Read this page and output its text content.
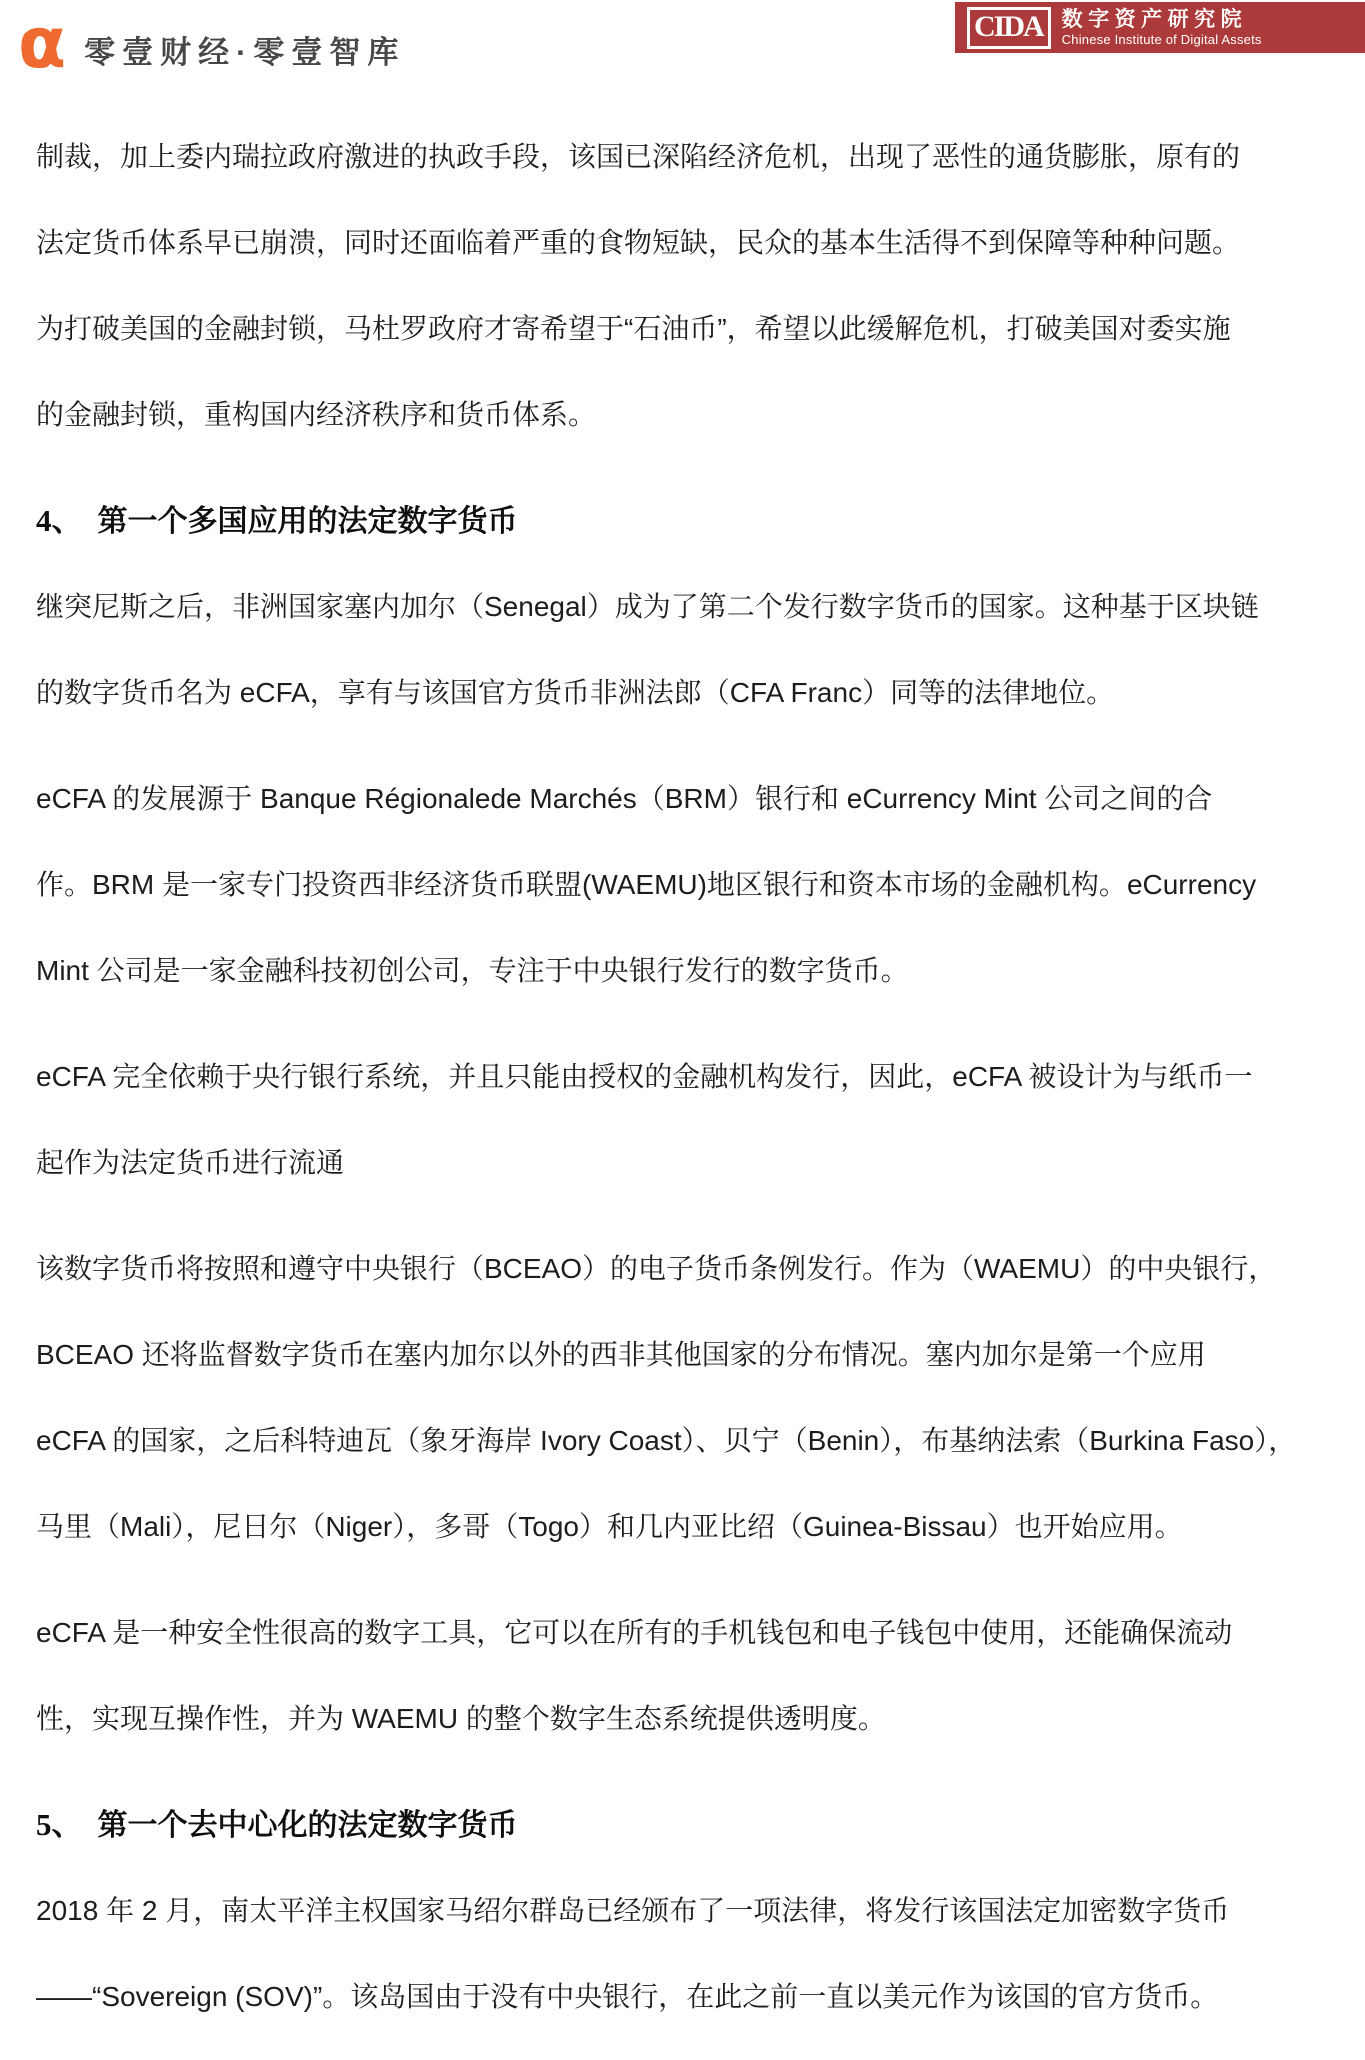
α 零壹财经·零壹智库
CIDA 数字资产研究院
Chinese Institute of Digital Assets

制裁，加上委内瑞拉政府激进的执政手段，该国已深陷经济危机，出现了恶性的通货膨胀，原有的
法定货币体系早已崩溃，同时还面临着严重的食物短缺，民众的基本生活得不到保障等种种问题。
为打破美国的金融封锁，马杜罗政府才寄希望于“石油币”，希望以此缓解危机，打破美国对委实施
的金融封锁，重构国内经济秩序和货币体系。

4、 第一个多国应用的法定数字货币

继突尼斯之后，非洲国家塞内加尔（Senegal）成为了第二个发行数字货币的国家。这种基于区块链
的数字货币名为 eCFA，享有与该国官方货币非洲法郎（CFA Franc）同等的法律地位。

eCFA 的发展源于 Banque Régionalede Marchés（BRM）银行和 eCurrency Mint 公司之间的合
作。BRM 是一家专门投资西非经济货币联盟(WAEMU)地区银行和资本市场的金融机构。eCurrency
Mint 公司是一家金融科技初创公司，专注于中央银行发行的数字货币。

eCFA 完全依赖于央行银行系统，并且只能由授权的金融机构发行，因此，eCFA 被设计为与纸币一
起作为法定货币进行流通

该数字货币将按照和遵守中央银行（BCEAO）的电子货币条例发行。作为（WAEMU）的中央银行，
BCEAO 还将监督数字货币在塞内加尔以外的西非其他国家的分布情况。塞内加尔是第一个应用
eCFA 的国家，之后科特迪瓦（象牙海岸 Ivory Coast）、贝宁（Benin），布基纳法索（Burkina Faso），
马里（Mali），尼日尔（Niger），多哥（Togo）和几内亚比绍（Guinea-Bissau）也开始应用。

eCFA 是一种安全性很高的数字工具，它可以在所有的手机钱包和电子钱包中使用，还能确保流动
性，实现互操作性，并为 WAEMU 的整个数字生态系统提供透明度。

5、 第一个去中心化的法定数字货币

2018 年 2 月，南太平洋主权国家马绍尔群岛已经颁布了一项法律，将发行该国法定加密数字货币
——“Sovereign (SOV)”。该岛国由于没有中央银行，在此之前一直以美元作为该国的官方货币。
